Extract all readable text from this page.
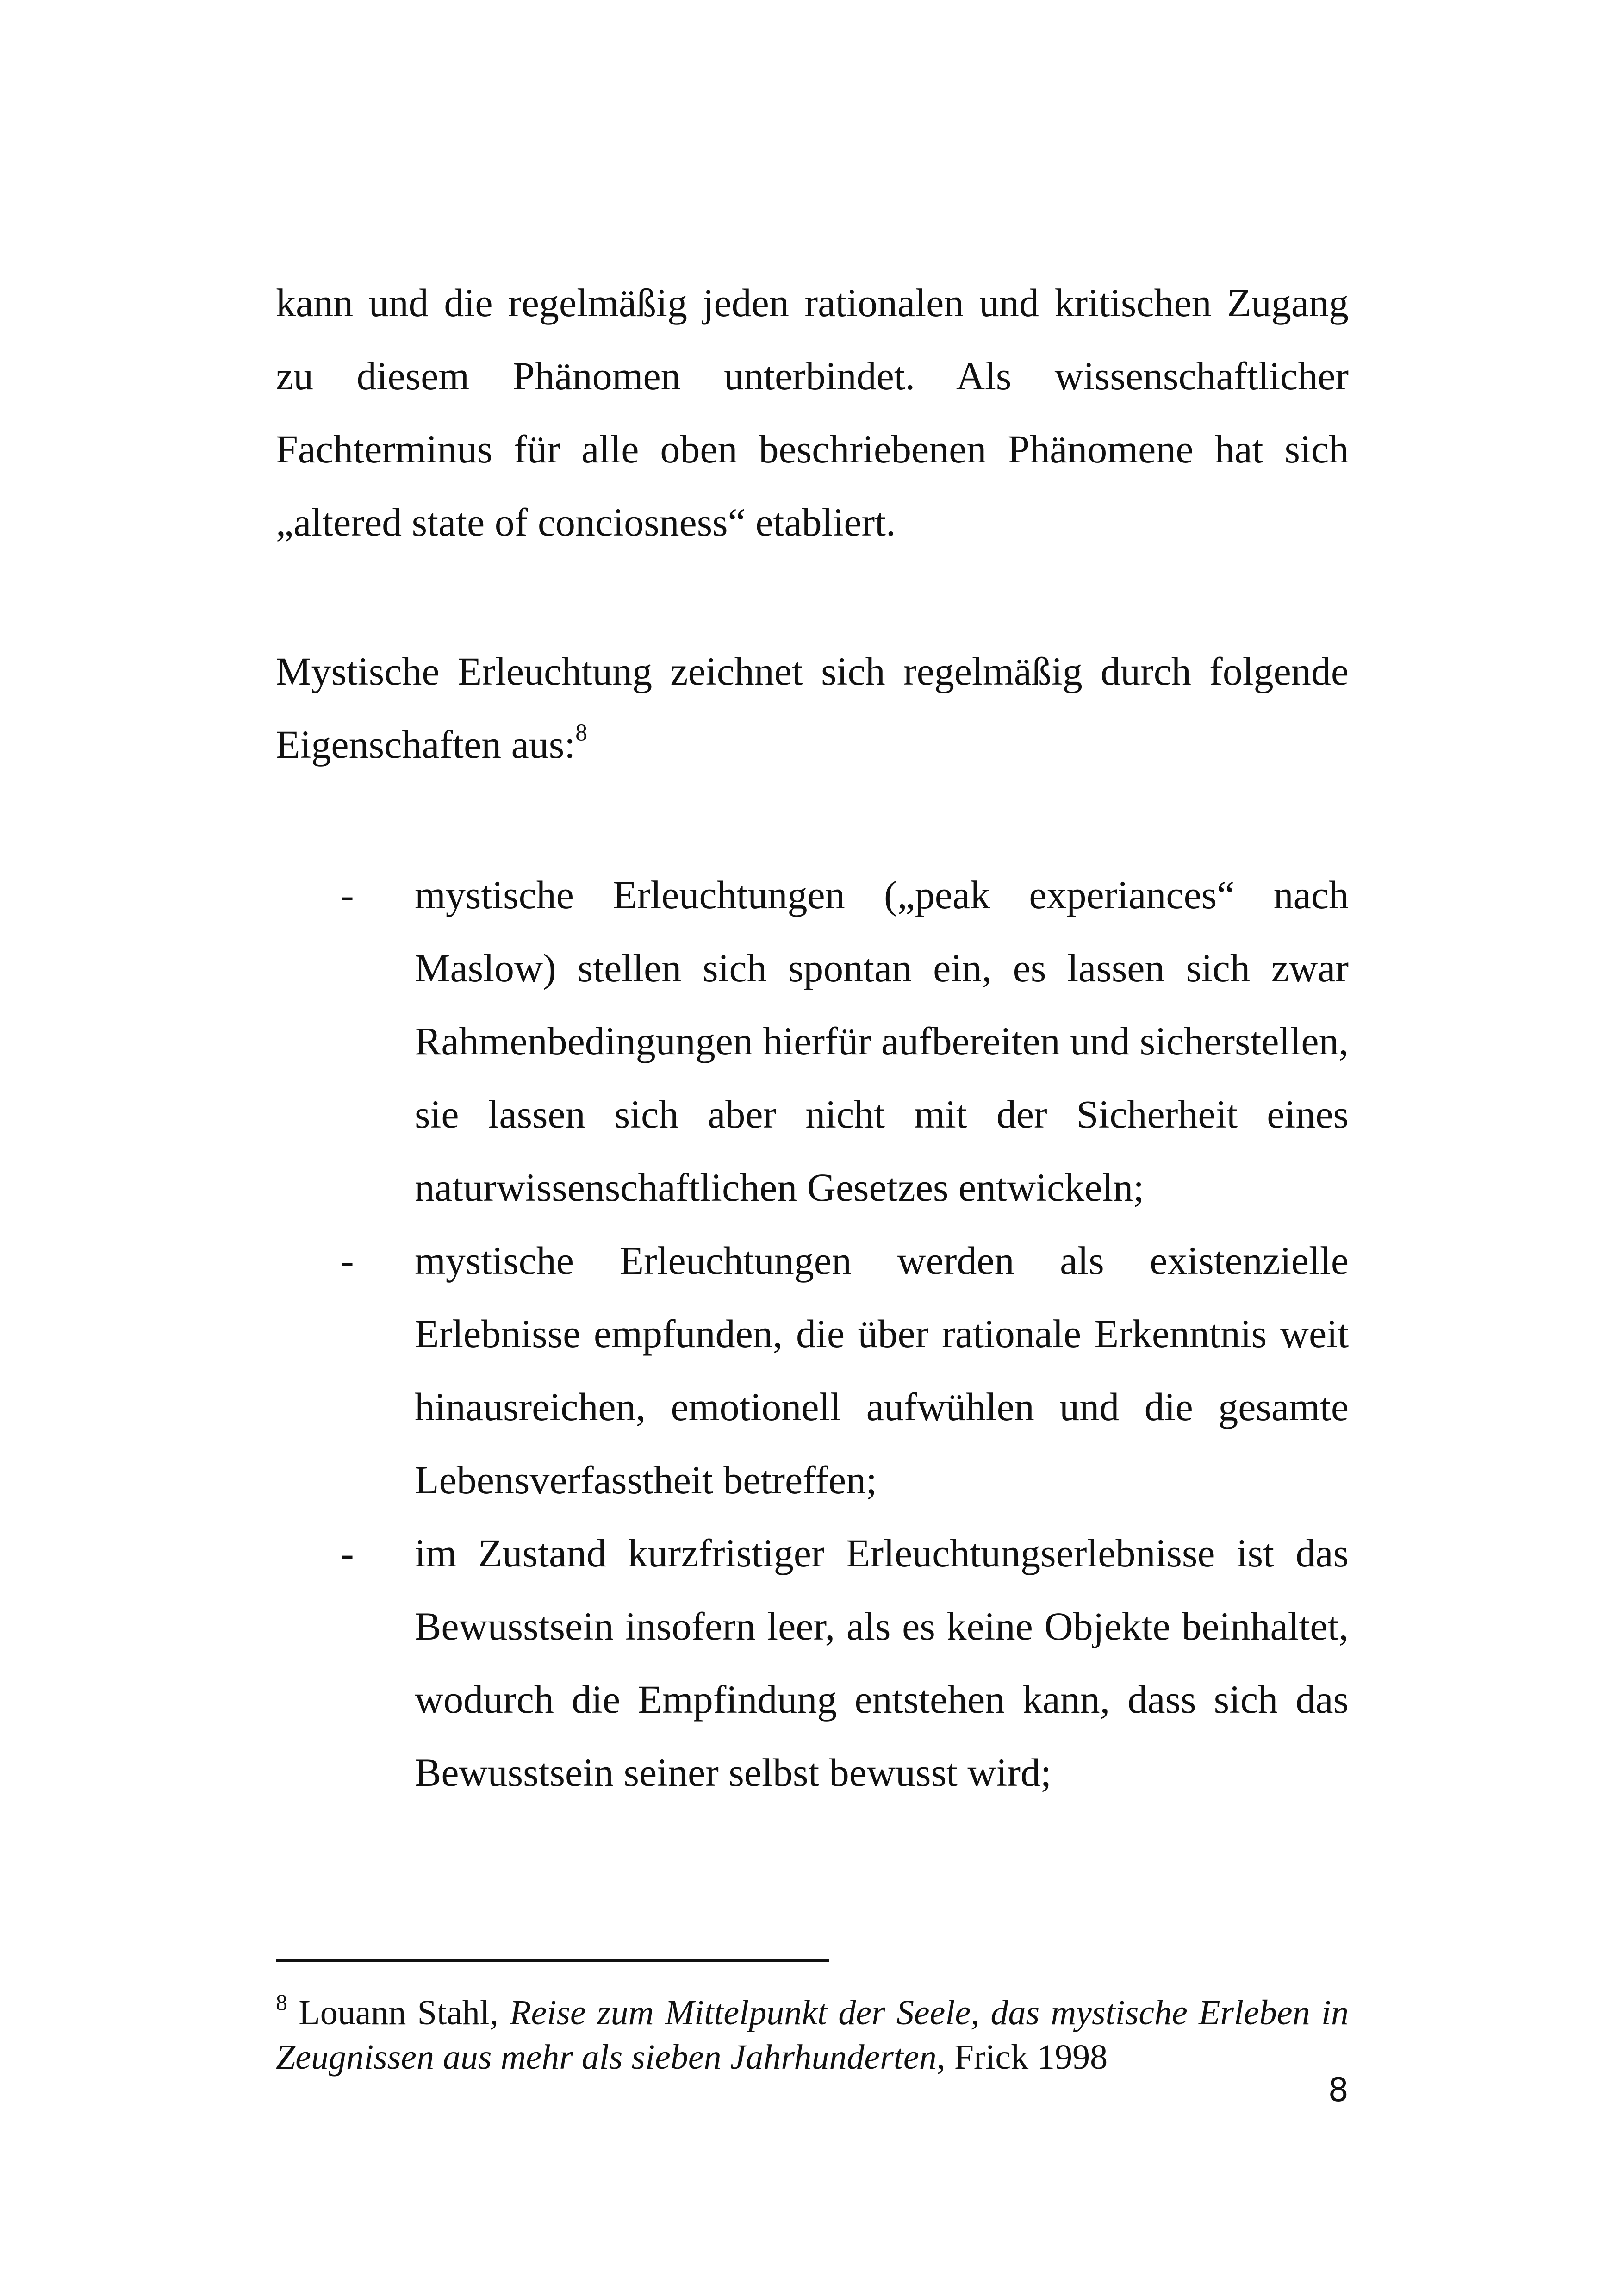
kann und die regelmäßig jeden rationalen und kritischen Zugang zu diesem Phänomen unterbindet. Als wissenschaftlicher Fachterminus für alle oben beschriebenen Phänomene hat sich „altered state of conciosness“ etabliert.

Mystische Erleuchtung zeichnet sich regelmäßig durch folgende Eigenschaften aus:$^8$

- mystische Erleuchtungen („peak experiances“ nach Maslow) stellen sich spontan ein, es lassen sich zwar Rahmenbedingungen hierfür aufbereiten und sicherstellen, sie lassen sich aber nicht mit der Sicherheit eines naturwissenschaftlichen Gesetzes entwickeln;
- mystische Erleuchtungen werden als existenzielle Erlebnisse empfunden, die über rationale Erkenntnis weit hinausreichen, emotionell aufwühlen und die gesamte Lebensverfasstheit betreffen;
- im Zustand kurzfristiger Erleuchtungserlebnisse ist das Bewusstsein insofern leer, als es keine Objekte beinhaltet, wodurch die Empfindung entstehen kann, dass sich das Bewusstsein seiner selbst bewusst wird;

$^8$ Louann Stahl, Reise zum Mittelpunkt der Seele, das mystische Erleben in Zeugnissen aus mehr als sieben Jahrhunderten, Frick 1998

8
